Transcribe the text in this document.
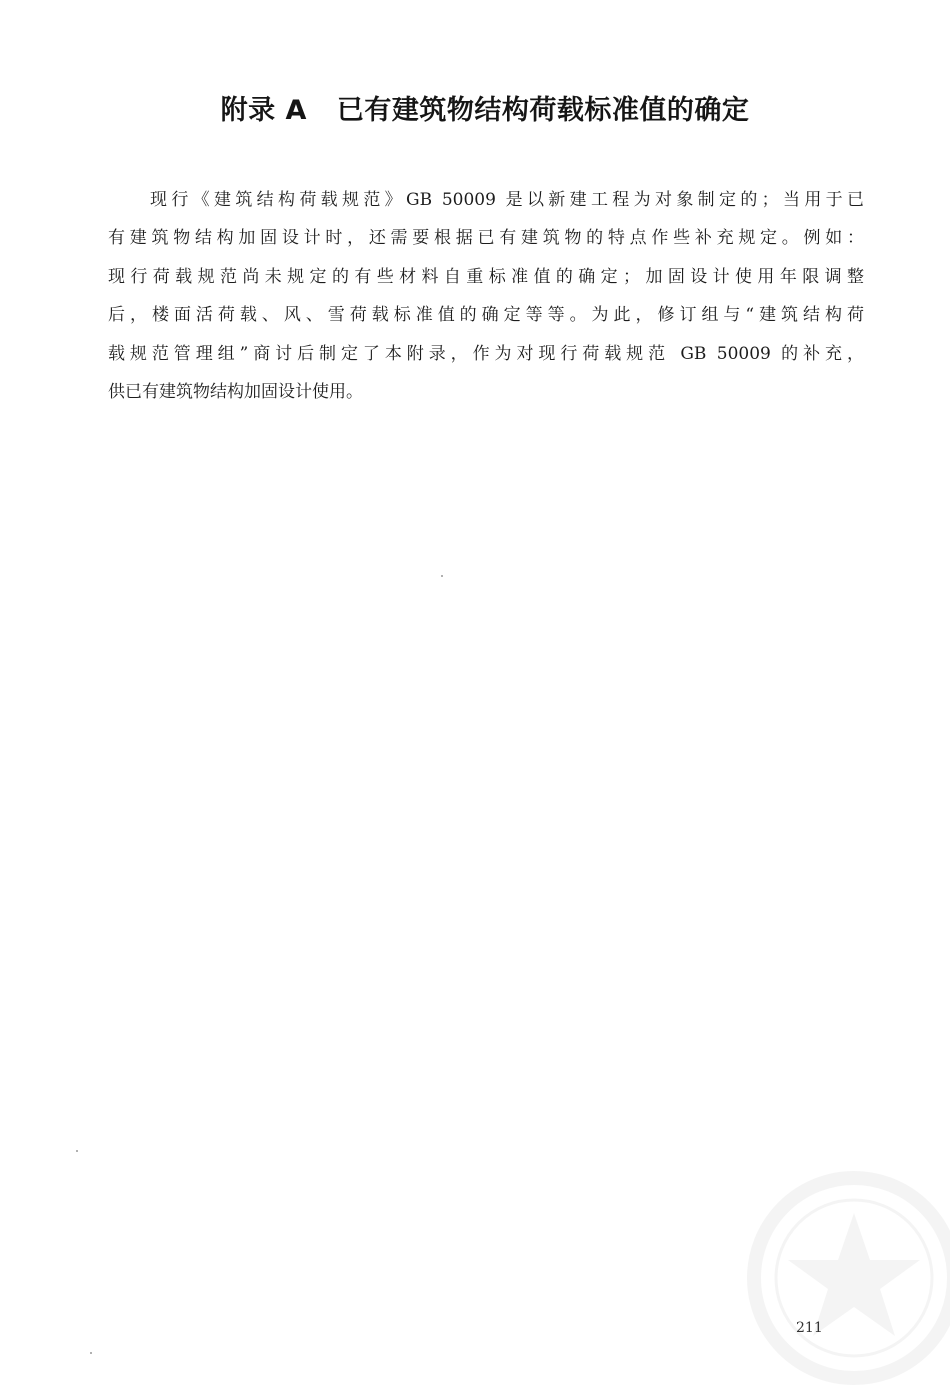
附录 A 已有建筑物结构荷载标准值的确定
现行《建筑结构荷载规范》GB 50009 是以新建工程为对象制定的；当用于已
有建筑物结构加固设计时，还需要根据已有建筑物的特点作些补充规定。例如：
现行荷载规范尚未规定的有些材料自重标准值的确定；加固设计使用年限调整
后，楼面活荷载、风、雪荷载标准值的确定等等。为此，修订组与“建筑结构荷
载规范管理组”商讨后制定了本附录，作为对现行荷载规范 GB 50009 的补充，
供已有建筑物结构加固设计使用。
211
